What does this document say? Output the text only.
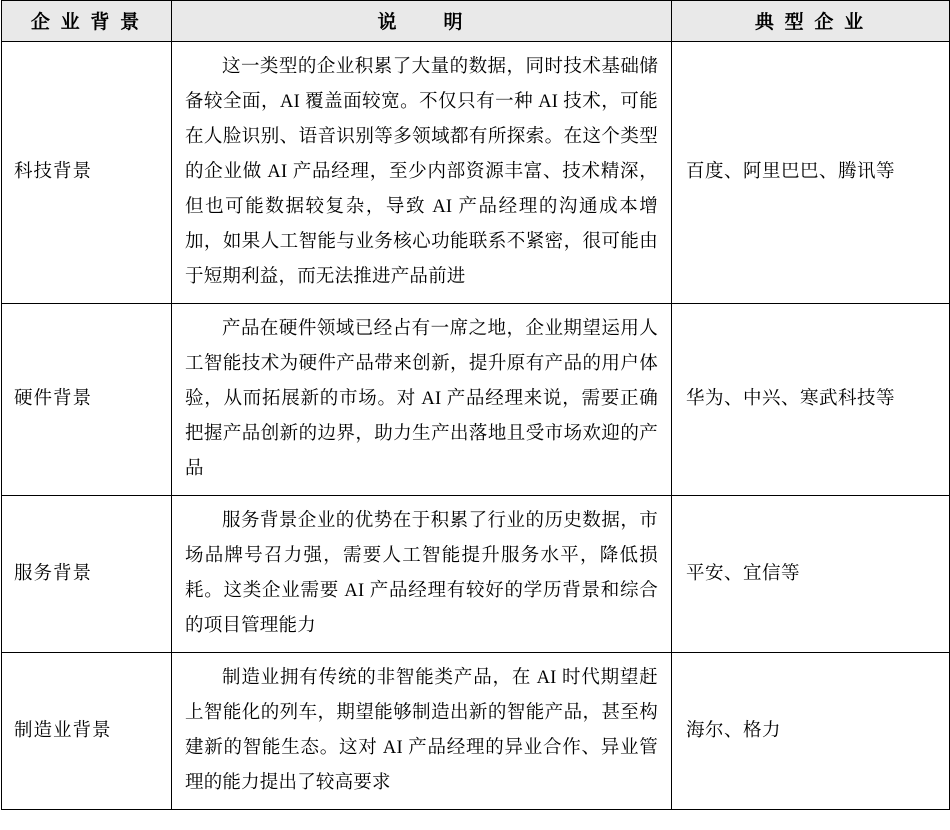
企 业 背 景	说　　明	典 型 企 业
科技背景	这一类型的企业积累了大量的数据，同时技术基础储备较全面，AI 覆盖面较宽。不仅只有一种 AI 技术，可能在人脸识别、语音识别等多领域都有所探索。在这个类型的企业做 AI 产品经理，至少内部资源丰富、技术精深，但也可能数据较复杂，导致 AI 产品经理的沟通成本增加，如果人工智能与业务核心功能联系不紧密，很可能由于短期利益，而无法推进产品前进	百度、阿里巴巴、腾讯等
硬件背景	产品在硬件领域已经占有一席之地，企业期望运用人工智能技术为硬件产品带来创新，提升原有产品的用户体验，从而拓展新的市场。对 AI 产品经理来说，需要正确把握产品创新的边界，助力生产出落地且受市场欢迎的产品	华为、中兴、寒武科技等
服务背景	服务背景企业的优势在于积累了行业的历史数据，市场品牌号召力强，需要人工智能提升服务水平，降低损耗。这类企业需要 AI 产品经理有较好的学历背景和综合的项目管理能力	平安、宜信等
制造业背景	制造业拥有传统的非智能类产品，在 AI 时代期望赶上智能化的列车，期望能够制造出新的智能产品，甚至构建新的智能生态。这对 AI 产品经理的异业合作、异业管理的能力提出了较高要求	海尔、格力
